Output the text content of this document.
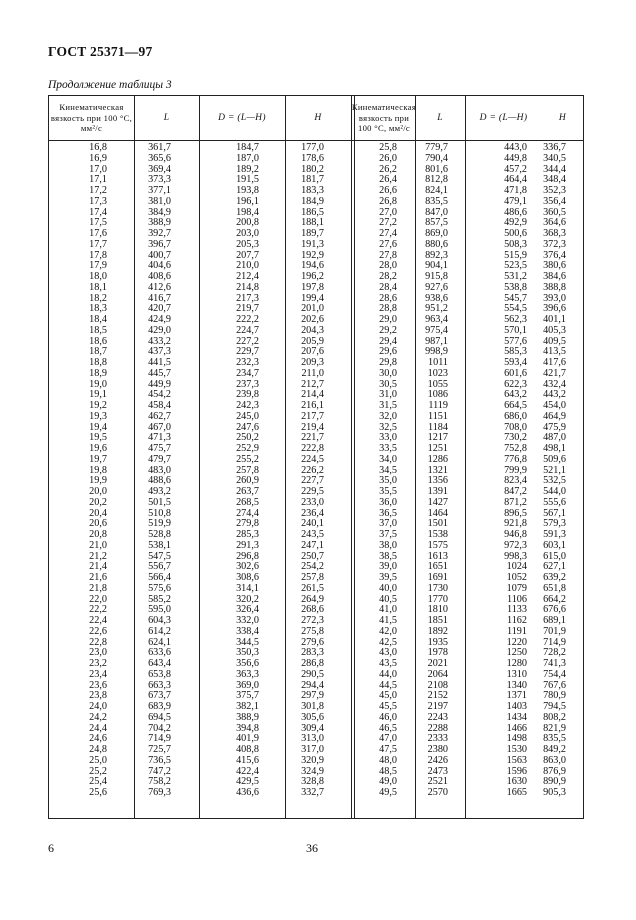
ГОСТ 25371—97
Продолжение таблицы 3
Кинематическая вязкость при 100 °С, мм²/с
L	D = (L—H)	H
Кинематическая вязкость при 100 °С, мм²/с
L	D = (L—H)	H
16,8	361,7	184,7	177,0
16,9	365,6	187,0	178,6
17,0	369,4	189,2	180,2
17,1	373,3	191,5	181,7
17,2	377,1	193,8	183,3
17,3	381,0	196,1	184,9
17,4	384,9	198,4	186,5
17,5	388,9	200,8	188,1
17,6	392,7	203,0	189,7
17,7	396,7	205,3	191,3
17,8	400,7	207,7	192,9
17,9	404,6	210,0	194,6
18,0	408,6	212,4	196,2
18,1	412,6	214,8	197,8
18,2	416,7	217,3	199,4
18,3	420,7	219,7	201,0
18,4	424,9	222,2	202,6
18,5	429,0	224,7	204,3
18,6	433,2	227,2	205,9
18,7	437,3	229,7	207,6
18,8	441,5	232,3	209,3
18,9	445,7	234,7	211,0
19,0	449,9	237,3	212,7
19,1	454,2	239,8	214,4
19,2	458,4	242,3	216,1
19,3	462,7	245,0	217,7
19,4	467,0	247,6	219,4
19,5	471,3	250,2	221,7
19,6	475,7	252,9	222,8
19,7	479,7	255,2	224,5
19,8	483,0	257,8	226,2
19,9	488,6	260,9	227,7
20,0	493,2	263,7	229,5
20,2	501,5	268,5	233,0
20,4	510,8	274,4	236,4
20,6	519,9	279,8	240,1
20,8	528,8	285,3	243,5
21,0	538,1	291,3	247,1
21,2	547,5	296,8	250,7
21,4	556,7	302,6	254,2
21,6	566,4	308,6	257,8
21,8	575,6	314,1	261,5
22,0	585,2	320,2	264,9
22,2	595,0	326,4	268,6
22,4	604,3	332,0	272,3
22,6	614,2	338,4	275,8
22,8	624,1	344,5	279,6
23,0	633,6	350,3	283,3
23,2	643,4	356,6	286,8
23,4	653,8	363,3	290,5
23,6	663,3	369,0	294,4
23,8	673,7	375,7	297,9
24,0	683,9	382,1	301,8
24,2	694,5	388,9	305,6
24,4	704,2	394,8	309,4
24,6	714,9	401,9	313,0
24,8	725,7	408,8	317,0
25,0	736,5	415,6	320,9
25,2	747,2	422,4	324,9
25,4	758,2	429,5	328,8
25,6	769,3	436,6	332,7
25,8	779,7	443,0 336,7
26,0	790,4	449,8 340,5
26,2	801,6	457,2 344,4
26,4	812,8	464,4 348,4
26,6	824,1	471,8 352,3
26,8	835,5	479,1 356,4
27,0	847,0	486,6 360,5
27,2	857,5	492,9 364,6
27,4	869,0	500,6 368,3
27,6	880,6	508,3 372,3
27,8	892,3	515,9 376,4
28,0	904,1	523,5 380,6
28,2	915,8	531,2 384,6
28,4	927,6	538,8 388,8
28,6	938,6	545,7 393,0
28,8	951,2	554,5 396,6
29,0	963,4	562,3 401,1
29,2	975,4	570,1 405,3
29,4	987,1	577,6 409,5
29,6	998,9	585,3 413,5
29,8	1011	593,4 417,6
30,0	1023	601,6 421,7
30,5	1055	622,3 432,4
31,0	1086	643,2 443,2
31,5	1119	664,5 454,0
32,0	1151	686,0 464,9
32,5	1184	708,0 475,9
33,0	1217	730,2 487,0
33,5	1251	752,8 498,1
34,0	1286	776,8 509,6
34,5	1321	799,9 521,1
35,0	1356	823,4 532,5
35,5	1391	847,2 544,0
36,0	1427	871,2 555,6
36,5	1464	896,5 567,1
37,0	1501	921,8 579,3
37,5	1538	946,8 591,3
38,0	1575	972,3 603,1
38,5	1613	998,3 615,0
39,0	1651	1024 627,1
39,5	1691	1052 639,2
40,0	1730	1079 651,8
40,5	1770	1106 664,2
41,0	1810	1133 676,6
41,5	1851	1162 689,1
42,0	1892	1191 701,9
42,5	1935	1220 714,9
43,0	1978	1250 728,2
43,5	2021	1280 741,3
44,0	2064	1310 754,4
44,5	2108	1340 767,6
45,0	2152	1371 780,9
45,5	2197	1403 794,5
46,0	2243	1434 808,2
46,5	2288	1466 821,9
47,0	2333	1498 835,5
47,5	2380	1530 849,2
48,0	2426	1563 863,0
48,5	2473	1596 876,9
49,0	2521	1630 890,9
49,5	2570	1665 905,3
6	36
